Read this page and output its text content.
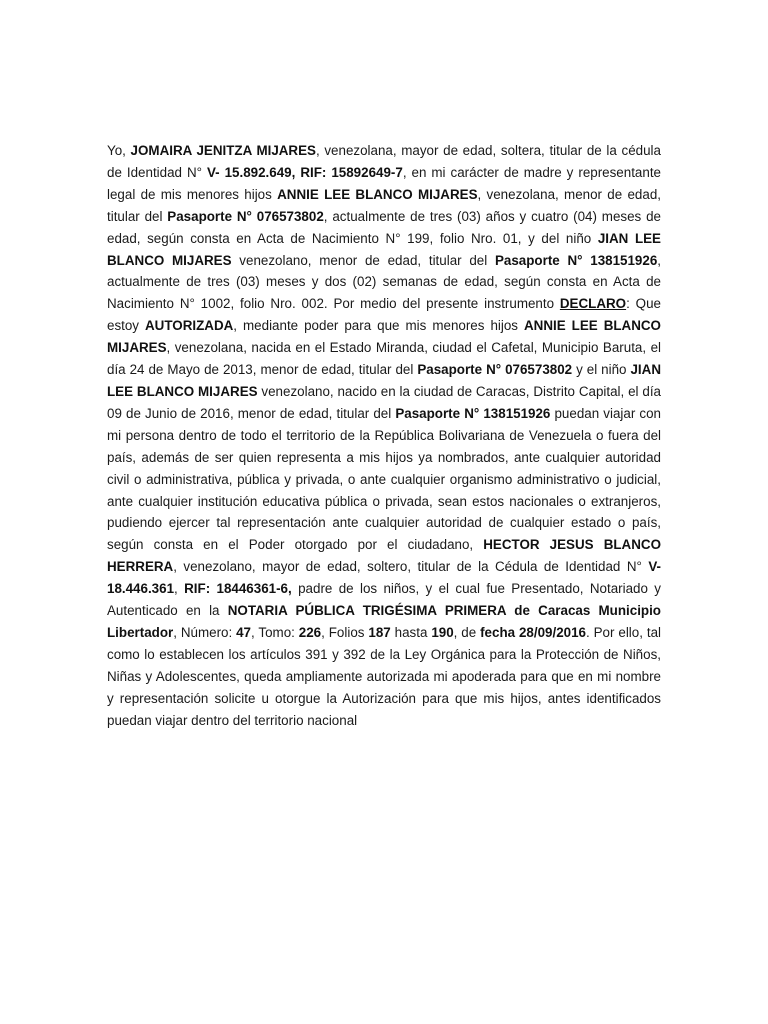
Yo, JOMAIRA JENITZA MIJARES, venezolana, mayor de edad, soltera, titular de la cédula de Identidad N° V- 15.892.649, RIF: 15892649-7, en mi carácter de madre y representante legal de mis menores hijos ANNIE LEE BLANCO MIJARES, venezolana, menor de edad, titular del Pasaporte N° 076573802, actualmente de tres (03) años y cuatro (04) meses de edad, según consta en Acta de Nacimiento N° 199, folio Nro. 01, y del niño JIAN LEE BLANCO MIJARES venezolano, menor de edad, titular del Pasaporte N° 138151926, actualmente de tres (03) meses y dos (02) semanas de edad, según consta en Acta de Nacimiento N° 1002, folio Nro. 002. Por medio del presente instrumento DECLARO: Que estoy AUTORIZADA, mediante poder para que mis menores hijos ANNIE LEE BLANCO MIJARES, venezolana, nacida en el Estado Miranda, ciudad el Cafetal, Municipio Baruta, el día 24 de Mayo de 2013, menor de edad, titular del Pasaporte N° 076573802 y el niño JIAN LEE BLANCO MIJARES venezolano, nacido en la ciudad de Caracas, Distrito Capital, el día 09 de Junio de 2016, menor de edad, titular del Pasaporte N° 138151926 puedan viajar con mi persona dentro de todo el territorio de la República Bolivariana de Venezuela o fuera del país, además de ser quien representa a mis hijos ya nombrados, ante cualquier autoridad civil o administrativa, pública y privada, o ante cualquier organismo administrativo o judicial, ante cualquier institución educativa pública o privada, sean estos nacionales o extranjeros, pudiendo ejercer tal representación ante cualquier autoridad de cualquier estado o país, según consta en el Poder otorgado por el ciudadano, HECTOR JESUS BLANCO HERRERA, venezolano, mayor de edad, soltero, titular de la Cédula de Identidad N° V- 18.446.361, RIF: 18446361-6, padre de los niños, y el cual fue Presentado, Notariado y Autenticado en la NOTARIA PÚBLICA TRIGÉSIMA PRIMERA de Caracas Municipio Libertador, Número: 47, Tomo: 226, Folios 187 hasta 190, de fecha 28/09/2016. Por ello, tal como lo establecen los artículos 391 y 392 de la Ley Orgánica para la Protección de Niños, Niñas y Adolescentes, queda ampliamente autorizada mi apoderada para que en mi nombre y representación solicite u otorgue la Autorización para que mis hijos, antes identificados puedan viajar dentro del territorio nacional
